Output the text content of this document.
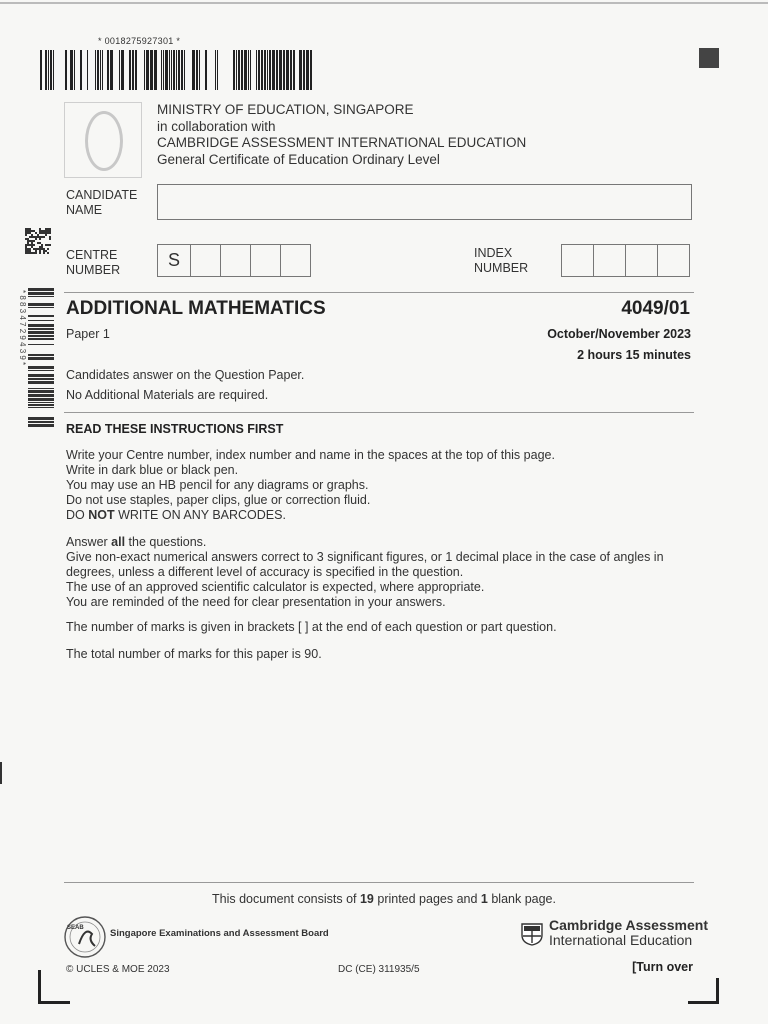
* 0018275927301 *
MINISTRY OF EDUCATION, SINGAPORE
in collaboration with
CAMBRIDGE ASSESSMENT INTERNATIONAL EDUCATION
General Certificate of Education Ordinary Level
CANDIDATE
NAME
CENTRE
NUMBER	S	INDEX
NUMBER
* 8 8 3 4 7 2 9 4 3 9 * ADDITIONAL MATHEMATICS	4049/01
Paper 1	October/November 2023
2 hours 15 minutes
Candidates answer on the Question Paper.
No Additional Materials are required.
READ THESE INSTRUCTIONS FIRST
Write your Centre number, index number and name in the spaces at the top of this page.
Write in dark blue or black pen.
You may use an HB pencil for any diagrams or graphs.
Do not use staples, paper clips, glue or correction fluid.
DO NOT WRITE ON ANY BARCODES.
Answer all the questions.
Give non-exact numerical answers correct to 3 significant figures, or 1 decimal place in the case of angles in
degrees, unless a different level of accuracy is specified in the question.
The use of an approved scientific calculator is expected, where appropriate.
You are reminded of the need for clear presentation in your answers.
The number of marks is given in brackets [ ] at the end of each question or part question.
The total number of marks for this paper is 90.
This document consists of 19 printed pages and 1 blank page.
SEAB	Singapore Examinations and Assessment Board
Cambridge Assessment
International Education
© UCLES & MOE 2023	DC (CE) 311935/5	[Turn over
